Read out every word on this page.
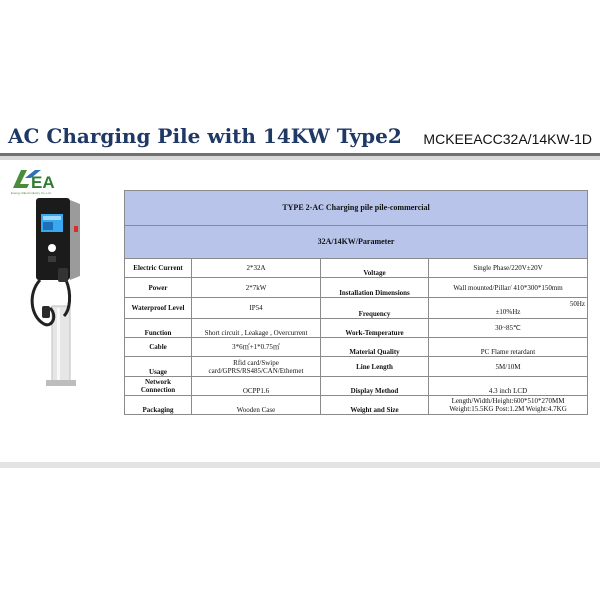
AC Charging Pile with 14KW Type2 MCKEEACC32A/14KW-1D
EA
Energy Allied Industry Co.,Ltd
TYPE 2-AC Charging pile pile-commercial			
32A/14KW/Parameter			
Electric Current	2*32A	Voltage	Single Phase/220V±20V
Power	2*7kW	Installation Dimensions	Wall mounted/Pillar/ 410*300*150mm
Waterproof Level	IP54	Frequency	50Hz
±10%Hz

Function	Short circuit , Leakage , Overcurrent	Work-Temperature	30~85℃
Cable	3*6㎡+1*0.75㎡	Material Quality	PC Flame retardant
Usage	Rfid card/Swipe card/GPRS/RS485/CAN/Ethernet	Line Length	5M/10M
Network Connection	OCPP1.6	Display Method	4.3 inch LCD
Packaging	Wooden Case	Weight and Size	Length/Width/Height:600*510*270MM Weight:15.5KG Post:1.2M Weight:4.7KG
